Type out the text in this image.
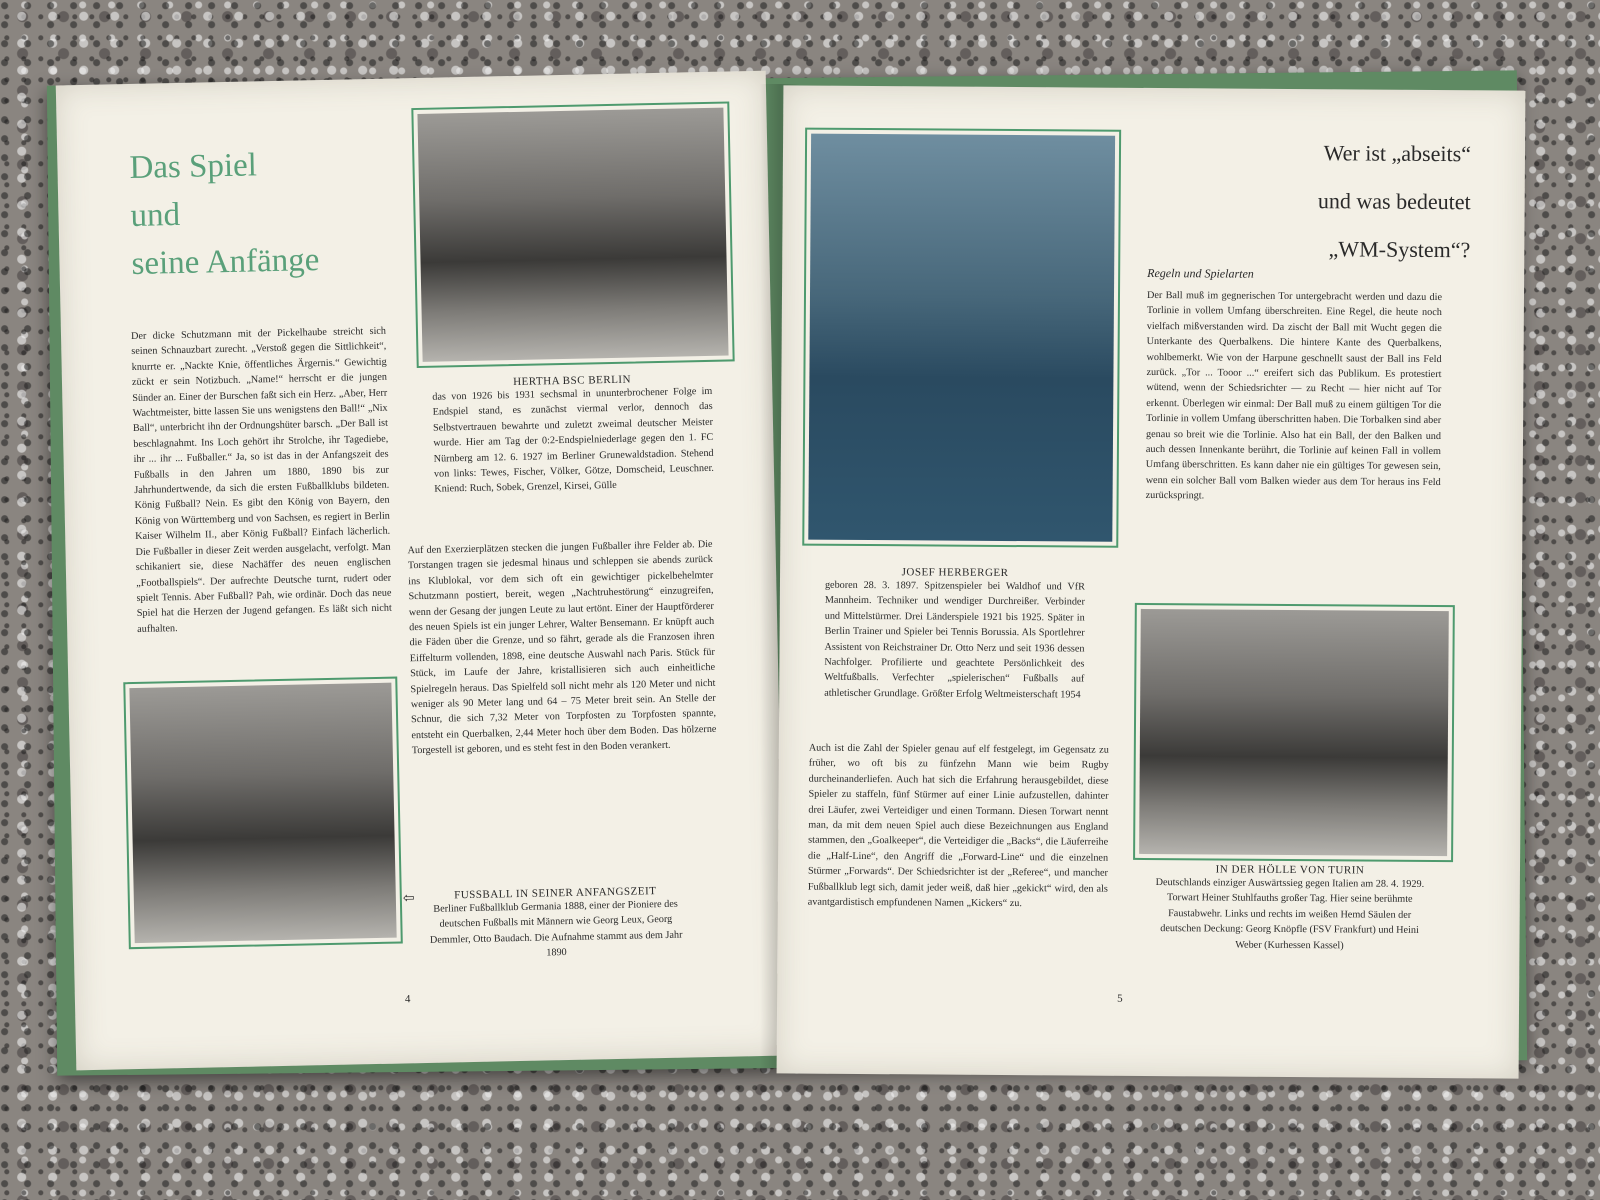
Das Spiel
und
seine Anfänge
Der dicke Schutzmann mit der Pickelhaube streicht sich seinen Schnauzbart zurecht. „Verstoß gegen die Sittlichkeit“, knurrte er. „Nackte Knie, öffentliches Ärgernis.“ Gewichtig zückt er sein Notizbuch. „Name!“ herrscht er die jungen Sünder an. Einer der Burschen faßt sich ein Herz. „Aber, Herr Wachtmeister, bitte lassen Sie uns wenigstens den Ball!“ „Nix Ball“, unterbricht ihn der Ordnungshüter barsch. „Der Ball ist beschlagnahmt. Ins Loch gehört ihr Strolche, ihr Tagediebe, ihr ... ihr ... Fußballer.“ Ja, so ist das in der Anfangszeit des Fußballs in den Jahren um 1880, 1890 bis zur Jahrhundertwende, da sich die ersten Fußballklubs bildeten. König Fußball? Nein. Es gibt den König von Bayern, den König von Württemberg und von Sachsen, es regiert in Berlin Kaiser Wilhelm II., aber König Fußball? Einfach lächerlich. Die Fußballer in dieser Zeit werden ausgelacht, verfolgt. Man schikaniert sie, diese Nachäffer des neuen englischen „Footballspiels“. Der aufrechte Deutsche turnt, rudert oder spielt Tennis. Aber Fußball? Pah, wie ordinär. Doch das neue Spiel hat die Herzen der Jugend gefangen. Es läßt sich nicht aufhalten.
HERTHA BSC BERLIN
das von 1926 bis 1931 sechsmal in ununterbrochener Folge im Endspiel stand, es zunächst viermal verlor, dennoch das Selbstvertrauen bewahrte und zuletzt zweimal deutscher Meister wurde. Hier am Tag der 0:2-Endspielniederlage gegen den 1. FC Nürnberg am 12. 6. 1927 im Berliner Grunewaldstadion. Stehend von links: Tewes, Fischer, Völker, Götze, Domscheid, Leuschner. Kniend: Ruch, Sobek, Grenzel, Kirsei, Gülle
Auf den Exerzierplätzen stecken die jungen Fußballer ihre Felder ab. Die Torstangen tragen sie jedesmal hinaus und schleppen sie abends zurück ins Klublokal, vor dem sich oft ein gewichtiger pickelbehelmter Schutzmann postiert, bereit, wegen „Nachtruhestörung“ einzugreifen, wenn der Gesang der jungen Leute zu laut ertönt. Einer der Hauptförderer des neuen Spiels ist ein junger Lehrer, Walter Bensemann. Er knüpft auch die Fäden über die Grenze, und so fährt, gerade als die Franzosen ihren Eiffelturm vollenden, 1898, eine deutsche Auswahl nach Paris. Stück für Stück, im Laufe der Jahre, kristallisieren sich auch einheitliche Spielregeln heraus. Das Spielfeld soll nicht mehr als 120 Meter und nicht weniger als 90 Meter lang und 64 – 75 Meter breit sein. An Stelle der Schnur, die sich 7,32 Meter von Torpfosten zu Torpfosten spannte, entsteht ein Querbalken, 2,44 Meter hoch über dem Boden. Das hölzerne Torgestell ist geboren, und es steht fest in den Boden verankert.
⇦	FUSSBALL IN SEINER ANFANGSZEIT
Berliner Fußballklub Germania 1888, einer der Pioniere des deutschen Fußballs mit Männern wie Georg Leux, Georg Demmler, Otto Baudach. Die Aufnahme stammt aus dem Jahr 1890
4
JOSEF HERBERGER
geboren 28. 3. 1897. Spitzenspieler bei Waldhof und VfR Mannheim. Techniker und wendiger Durchreißer. Verbinder und Mittelstürmer. Drei Länderspiele 1921 bis 1925. Später in Berlin Trainer und Spieler bei Tennis Borussia. Als Sportlehrer Assistent von Reichstrainer Dr. Otto Nerz und seit 1936 dessen Nachfolger. Profilierte und geachtete Persönlichkeit des Weltfußballs. Verfechter „spielerischen“ Fußballs auf athletischer Grundlage. Größter Erfolg Weltmeisterschaft 1954
Wer ist „abseits“
und was bedeutet
„WM-System“?
Regeln und Spielarten
Der Ball muß im gegnerischen Tor untergebracht werden und dazu die Torlinie in vollem Umfang überschreiten. Eine Regel, die heute noch vielfach mißverstanden wird. Da zischt der Ball mit Wucht gegen die Unterkante des Querbalkens. Die hintere Kante des Querbalkens, wohlbemerkt. Wie von der Harpune geschnellt saust der Ball ins Feld zurück. „Tor ... Tooor ...“ ereifert sich das Publikum. Es protestiert wütend, wenn der Schiedsrichter — zu Recht — hier nicht auf Tor erkennt. Überlegen wir einmal: Der Ball muß zu einem gültigen Tor die Torlinie in vollem Umfang überschritten haben. Die Torbalken sind aber genau so breit wie die Torlinie. Also hat ein Ball, der den Balken und auch dessen Innenkante berührt, die Torlinie auf keinen Fall in vollem Umfang überschritten. Es kann daher nie ein gültiges Tor gewesen sein, wenn ein solcher Ball vom Balken wieder aus dem Tor heraus ins Feld zurückspringt.
Auch ist die Zahl der Spieler genau auf elf festgelegt, im Gegensatz zu früher, wo oft bis zu fünfzehn Mann wie beim Rugby durcheinanderliefen. Auch hat sich die Erfahrung herausgebildet, diese Spieler zu staffeln, fünf Stürmer auf einer Linie aufzustellen, dahinter drei Läufer, zwei Verteidiger und einen Tormann. Diesen Torwart nennt man, da mit dem neuen Spiel auch diese Bezeichnungen aus England stammen, den „Goalkeeper“, die Verteidiger die „Backs“, die Läuferreihe die „Half-Line“, den Angriff die „Forward-Line“ und die einzelnen Stürmer „Forwards“. Der Schiedsrichter ist der „Referee“, und mancher Fußballklub legt sich, damit jeder weiß, daß hier „gekickt“ wird, den als avantgardistisch empfundenen Namen „Kickers“ zu.
IN DER HÖLLE VON TURIN
Deutschlands einziger Auswärtssieg gegen Italien am 28. 4. 1929. Torwart Heiner Stuhlfauths großer Tag. Hier seine berühmte Faustabwehr. Links und rechts im weißen Hemd Säulen der deutschen Deckung: Georg Knöpfle (FSV Frankfurt) und Heini Weber (Kurhessen Kassel)
5
